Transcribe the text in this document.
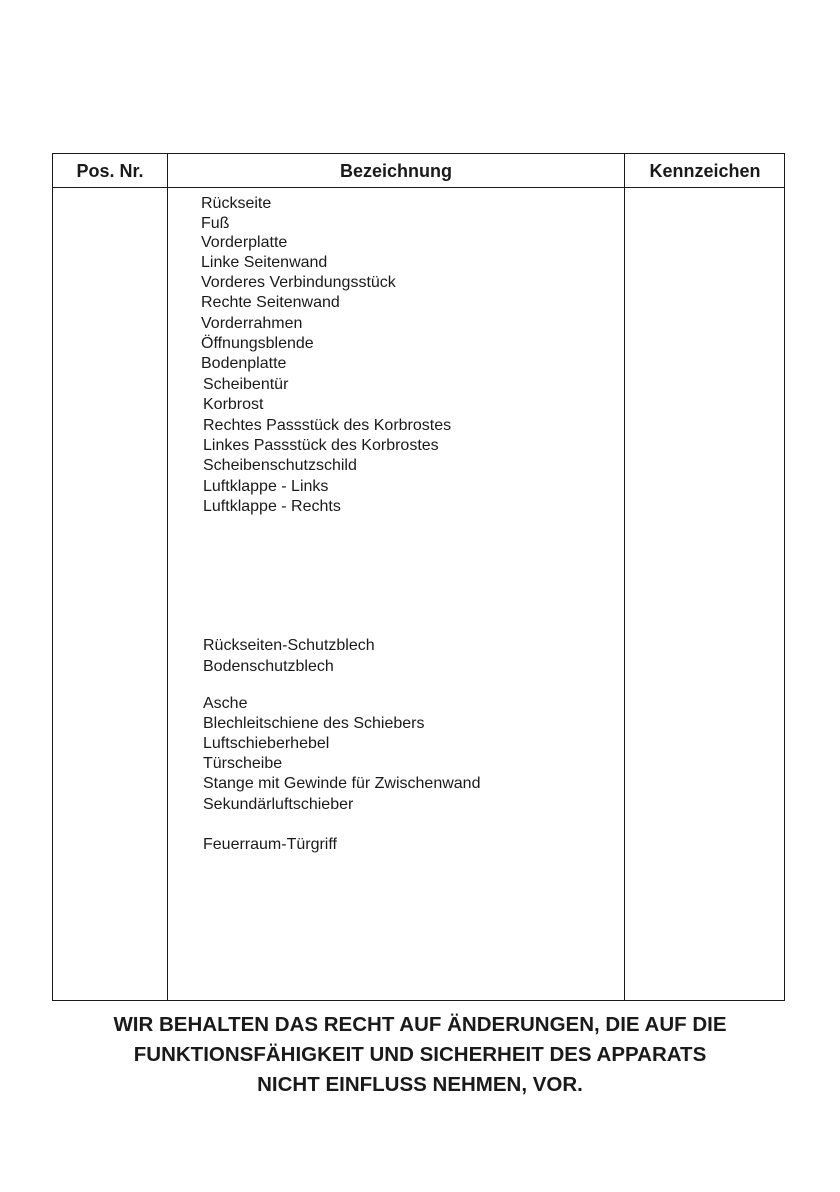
Pos. Nr.	Bezeichnung	Kennzeichen
Rückseite
Fuß
Vorderplatte
Linke Seitenwand
Vorderes Verbindungsstück
Rechte Seitenwand
Vorderrahmen
Öffnungsblende
Bodenplatte
Scheibentür
Korbrost
Rechtes Passstück des Korbrostes
Linkes Passstück des Korbrostes
Scheibenschutzschild
Luftklappe - Links
Luftklappe - Rechts
Rückseiten-Schutzblech
Bodenschutzblech
Asche
Blechleitschiene des Schiebers
Luftschieberhebel
Türscheibe
Stange mit Gewinde für Zwischenwand
Sekundärluftschieber
Feuerraum-Türgriff
WIR BEHALTEN DAS RECHT AUF ÄNDERUNGEN, DIE AUF DIE
FUNKTIONSFÄHIGKEIT UND SICHERHEIT DES APPARATS
NICHT EINFLUSS NEHMEN, VOR.
